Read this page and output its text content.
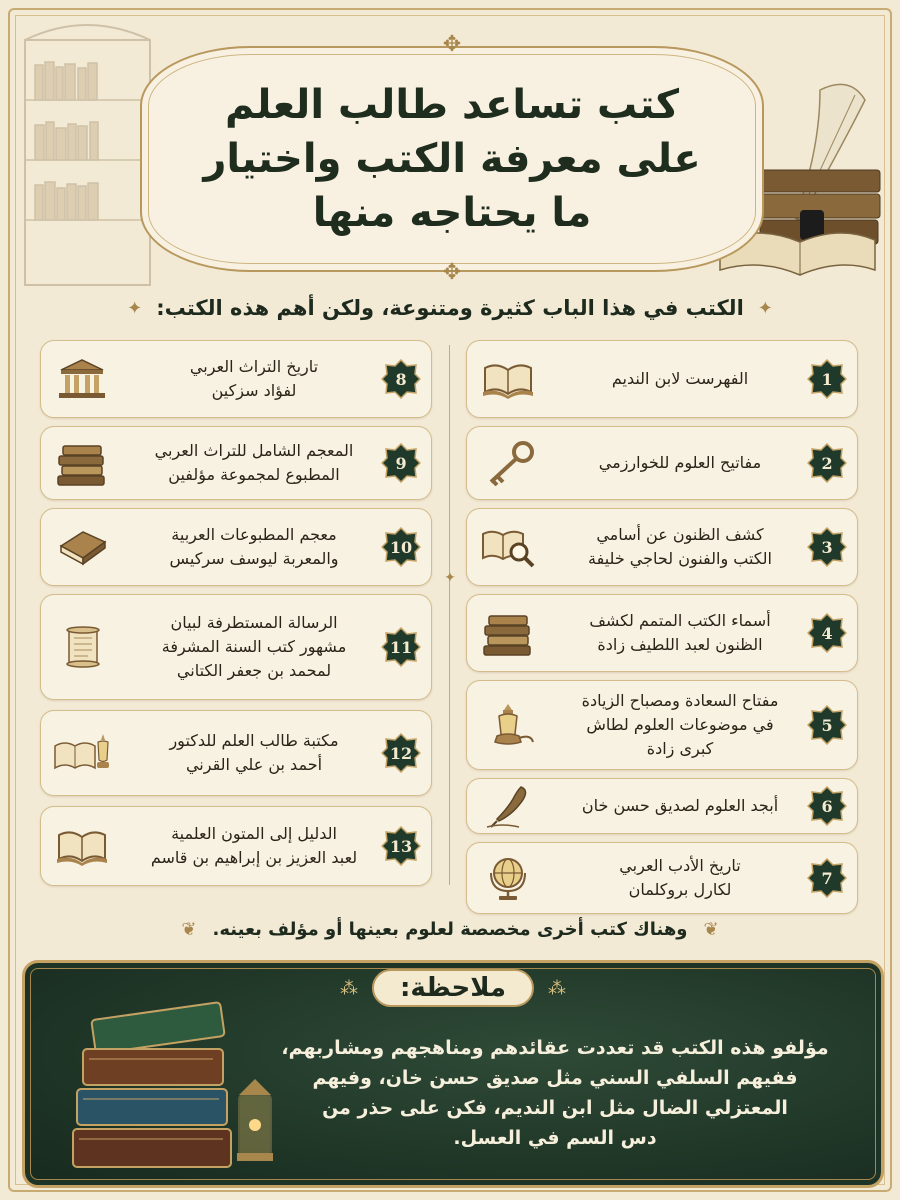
✥
كتب تساعد طالب العلم
على معرفة الكتب واختيار
ما يحتاجه منها
✥
✦
الكتب في هذا الباب كثيرة ومتنوعة، ولكن أهم هذه الكتب:
✦
✦
1
الفهرست لابن النديم
2
مفاتيح العلوم للخوارزمي
3
كشف الظنون عن أسامي
الكتب والفنون لحاجي خليفة
4
أسماء الكتب المتمم لكشف
الظنون لعبد اللطيف زادة
5
مفتاح السعادة ومصباح الزيادة
في موضوعات العلوم لطاش
كبرى زادة
6
أبجد العلوم لصديق حسن خان
7
تاريخ الأدب العربي
لكارل بروكلمان
8
تاريخ التراث العربي
لفؤاد سزكين
9
المعجم الشامل للتراث العربي
المطبوع لمجموعة مؤلفين
10
معجم المطبوعات العربية
والمعربة ليوسف سركيس
11
الرسالة المستطرفة لبيان
مشهور كتب السنة المشرفة
لمحمد بن جعفر الكتاني
12
مكتبة طالب العلم للدكتور
أحمد بن علي القرني
13
الدليل إلى المتون العلمية
لعبد العزيز بن إبراهيم بن قاسم
❦
وهناك كتب أخرى مخصصة لعلوم بعينها أو مؤلف بعينه.
❦
⁂
ملاحظة:
⁂
مؤلفو هذه الكتب قد تعددت عقائدهم ومناهجهم ومشاربهم،
ففيهم السلفي السني مثل صديق حسن خان، وفيهم
المعتزلي الضال مثل ابن النديم، فكن على حذر من
دس السم في العسل.
